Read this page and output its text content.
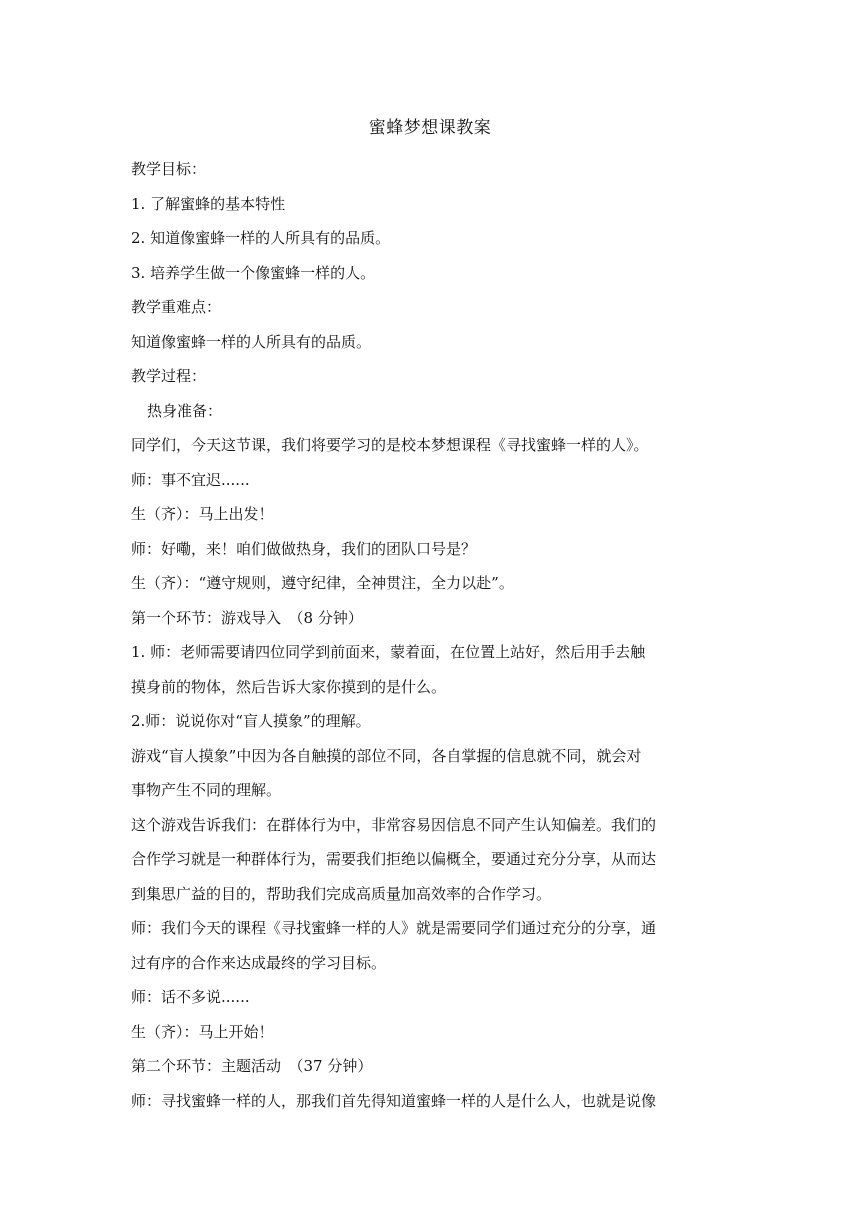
蜜蜂梦想课教案
教学目标：
1. 了解蜜蜂的基本特性
2. 知道像蜜蜂一样的人所具有的品质。
3. 培养学生做一个像蜜蜂一样的人。
教学重难点：
知道像蜜蜂一样的人所具有的品质。
教学过程：
热身准备：
同学们，今天这节课，我们将要学习的是校本梦想课程《寻找蜜蜂一样的人》。
师：事不宜迟......
生（齐）：马上出发！
师：好嘞，来！咱们做做热身，我们的团队口号是？
生（齐）：“遵守规则，遵守纪律，全神贯注，全力以赴”。
第一个环节：游戏导入　（8 分钟）
1. 师：老师需要请四位同学到前面来，蒙着面，在位置上站好，然后用手去触
摸身前的物体，然后告诉大家你摸到的是什么。
2.师：说说你对“盲人摸象”的理解。
游戏“盲人摸象”中因为各自触摸的部位不同，各自掌握的信息就不同，就会对
事物产生不同的理解。
这个游戏告诉我们：在群体行为中，非常容易因信息不同产生认知偏差。我们的
合作学习就是一种群体行为，需要我们拒绝以偏概全，要通过充分分享，从而达
到集思广益的目的，帮助我们完成高质量加高效率的合作学习。
师：我们今天的课程《寻找蜜蜂一样的人》就是需要同学们通过充分的分享，通
过有序的合作来达成最终的学习目标。
师：话不多说......
生（齐）：马上开始！
第二个环节：主题活动　（37 分钟）
师：寻找蜜蜂一样的人，那我们首先得知道蜜蜂一样的人是什么人，也就是说像
